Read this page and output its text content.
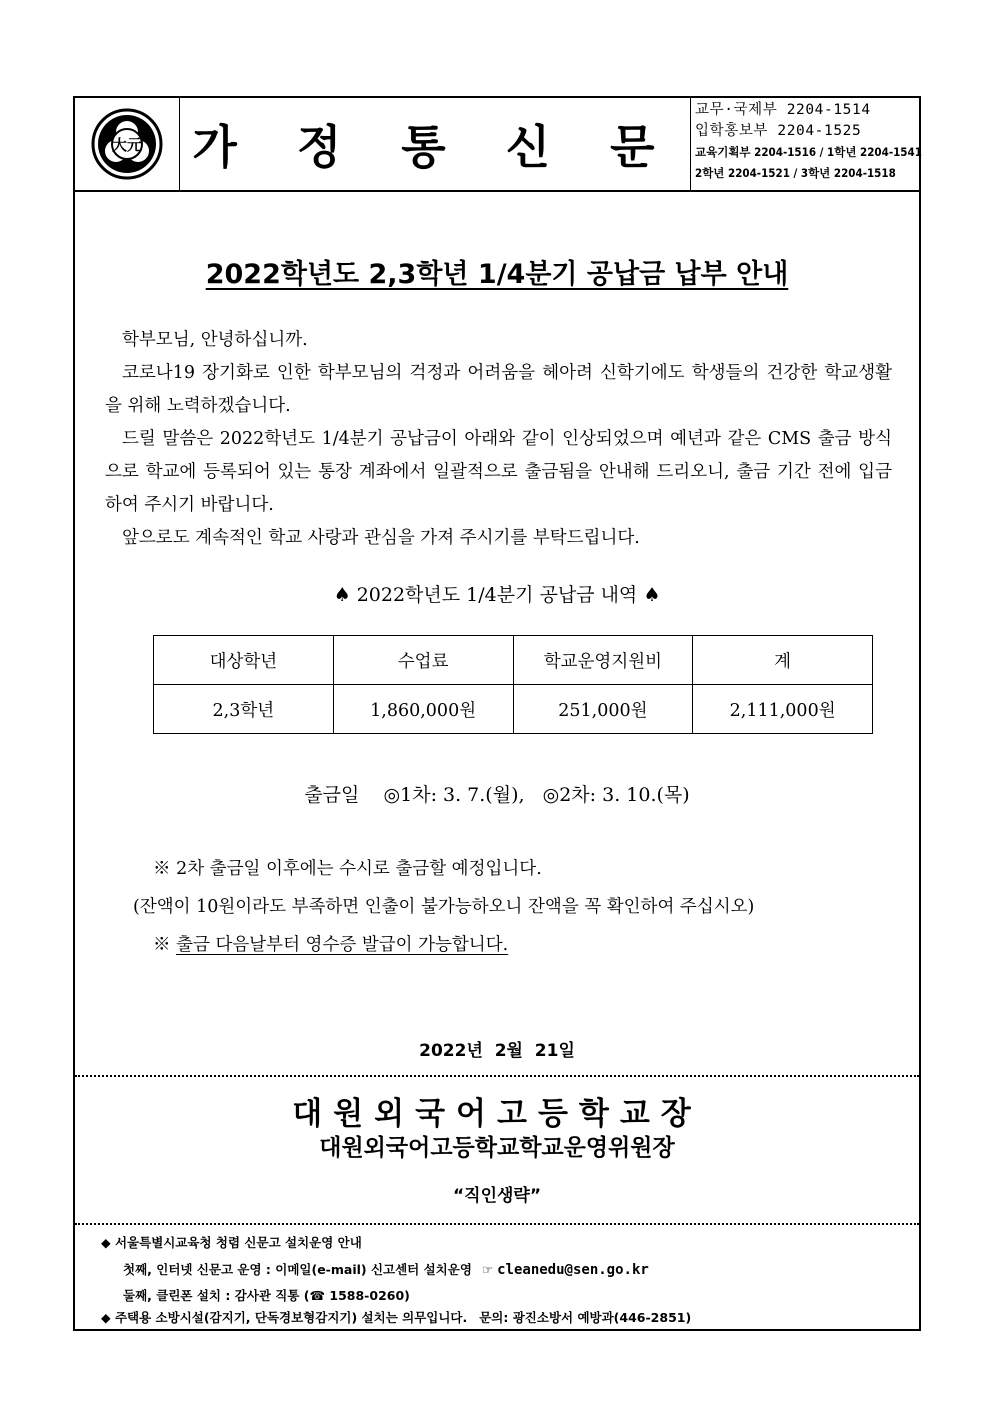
大元 가 정 통 신 문
교무·국제부 2204-1514
입학홍보부 2204-1525
교육기획부 2204-1516 / 1학년 2204-1541
2학년 2204-1521 / 3학년 2204-1518
2022학년도 2,3학년 1/4분기 공납금 납부 안내

학부모님, 안녕하십니까.

코로나19 장기화로 인한 학부모님의 걱정과 어려움을 헤아려 신학기에도 학생들의 건강한 학교생활을 위해 노력하겠습니다.

드릴 말씀은 2022학년도 1/4분기 공납금이 아래와 같이 인상되었으며 예년과 같은 CMS 출금 방식으로 학교에 등록되어 있는 통장 계좌에서 일괄적으로 출금됨을 안내해 드리오니, 출금 기간 전에 입금하여 주시기 바랍니다.

앞으로도 계속적인 학교 사랑과 관심을 가져 주시기를 부탁드립니다.

♠ 2022학년도 1/4분기 공납금 내역 ♠
대상학년	수업료	학교운영지원비	계
2,3학년	1,860,000원	251,000원	2,111,000원
출금일    ◎1차: 3. 7.(월),   ◎2차: 3. 10.(목)
※ 2차 출금일 이후에는 수시로 출금할 예정입니다.
(잔액이 10원이라도 부족하면 인출이 불가능하오니 잔액을 꼭 확인하여 주십시오)
※ 출금 다음날부터 영수증 발급이 가능합니다.
2022년  2월  21일
대원외국어고등학교장
대원외국어고등학교학교운영위원장
“직인생략”
◆ 서울특별시교육청 청렴 신문고 설치운영 안내
첫째, 인터넷 신문고 운영 : 이메일(e-mail) 신고센터 설치운영 ☞ cleanedu@sen.go.kr
둘째, 클린폰 설치 : 감사관 직통 (☎ 1588-0260)
◆ 주택용 소방시설(감지기, 단독경보형감지기) 설치는 의무입니다. 문의: 광진소방서 예방과(446-2851)
